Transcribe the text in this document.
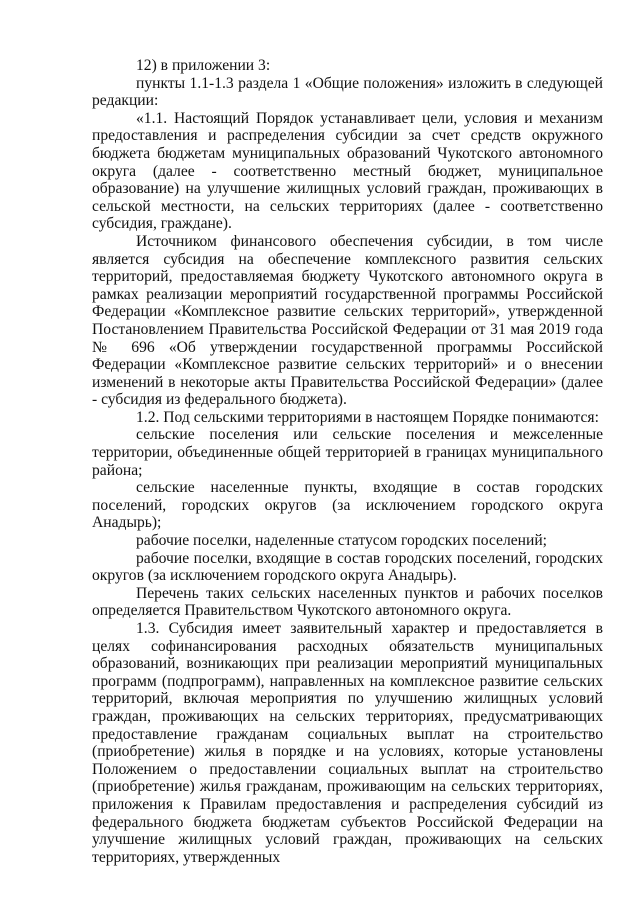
12) в приложении 3:

пункты 1.1-1.3 раздела 1 «Общие положения» изложить в следующей редакции:

«1.1. Настоящий Порядок устанавливает цели, условия и механизм предоставления и распределения субсидии за счет средств окружного бюджета бюджетам муниципальных образований Чукотского автономного округа (далее - соответственно местный бюджет, муниципальное образование) на улучшение жилищных условий граждан, проживающих в сельской местности, на сельских территориях (далее - соответственно субсидия, граждане).

Источником финансового обеспечения субсидии, в том числе является субсидия на обеспечение комплексного развития сельских территорий, предоставляемая бюджету Чукотского автономного округа в рамках реализации мероприятий государственной программы Российской Федерации «Комплексное развитие сельских территорий», утвержденной Постановлением Правительства Российской Федерации от 31 мая 2019 года № 696 «Об утверждении государственной программы Российской Федерации «Комплексное развитие сельских территорий» и о внесении изменений в некоторые акты Правительства Российской Федерации» (далее - субсидия из федерального бюджета).

1.2. Под сельскими территориями в настоящем Порядке понимаются:

сельские поселения или сельские поселения и межселенные территории, объединенные общей территорией в границах муниципального района;

сельские населенные пункты, входящие в состав городских поселений, городских округов (за исключением городского округа Анадырь);

рабочие поселки, наделенные статусом городских поселений;

рабочие поселки, входящие в состав городских поселений, городских округов (за исключением городского округа Анадырь).

Перечень таких сельских населенных пунктов и рабочих поселков определяется Правительством Чукотского автономного округа.

1.3. Субсидия имеет заявительный характер и предоставляется в целях софинансирования расходных обязательств муниципальных образований, возникающих при реализации мероприятий муниципальных программ (подпрограмм), направленных на комплексное развитие сельских территорий, включая мероприятия по улучшению жилищных условий граждан, проживающих на сельских территориях, предусматривающих предоставление гражданам социальных выплат на строительство (приобретение) жилья в порядке и на условиях, которые установлены Положением о предоставлении социальных выплат на строительство (приобретение) жилья гражданам, проживающим на сельских территориях, приложения к Правилам предоставления и распределения субсидий из федерального бюджета бюджетам субъектов Российской Федерации на улучшение жилищных условий граждан, проживающих на сельских территориях, утвержденных
